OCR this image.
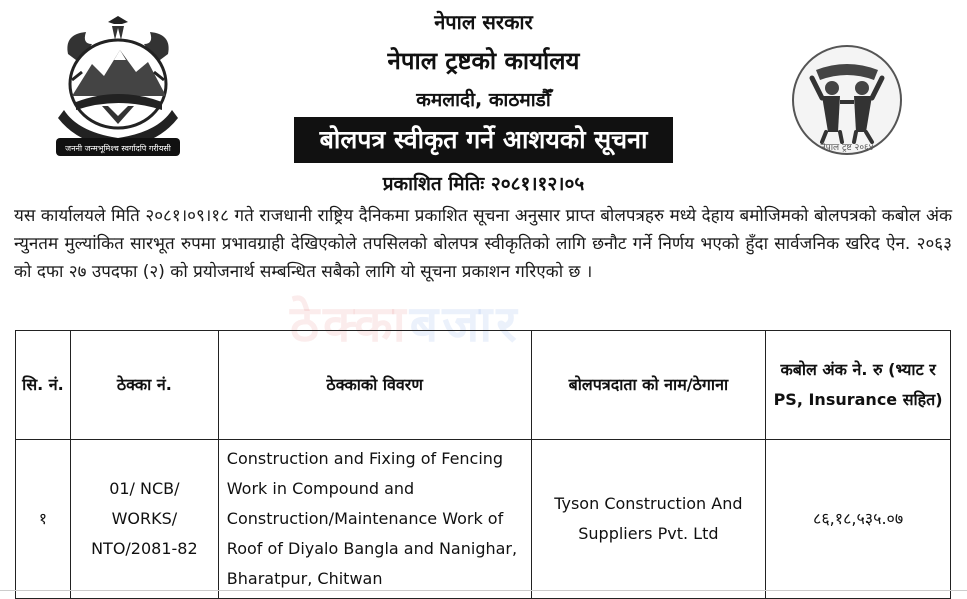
नेपाल सरकार
नेपाल ट्रष्टको कार्यालय
कमलादी, काठमाडौँ
बोलपत्र स्वीकृत गर्ने आशयको सूचना
प्रकाशित मितिः २०८१।१२।०५
जननी जन्मभूमिश्च स्वर्गादपि गरीयसी	नेपाल ट्रष्ट २०६४
यस कार्यालयले मिति २०८१।०९।१८ गते राजधानी राष्ट्रिय दैनिकमा प्रकाशित सूचना अनुसार प्राप्त बोलपत्रहरु मध्ये देहाय बमोजिमको बोलपत्रको कबोल अंक न्युनतम मुल्यांकित सारभूत रुपमा प्रभावग्राही देखिएकोले तपसिलको बोलपत्र स्वीकृतिको लागि छनौट गर्ने निर्णय भएको हुँदा सार्वजनिक खरिद ऐन. २०६३ को दफा २७ उपदफा (२) को प्रयोजनार्थ सम्बन्धित सबैको लागि यो सूचना प्रकाशन गरिएको छ ।
ठेक्काबजार
सि. नं.	ठेक्का नं.	ठेक्काको विवरण	बोलपत्रदाता को नाम/ठेगाना	कबोल अंक ने. रु (भ्याट र PS, Insurance सहित)
१	01/ NCB/ WORKS/ NTO/2081-82	Construction and Fixing of Fencing Work in Compound and Construction/Maintenance Work of Roof of Diyalo Bangla and Nanighar, Bharatpur, Chitwan	Tyson Construction And Suppliers Pvt. Ltd	८६,१८,५३५.०७
